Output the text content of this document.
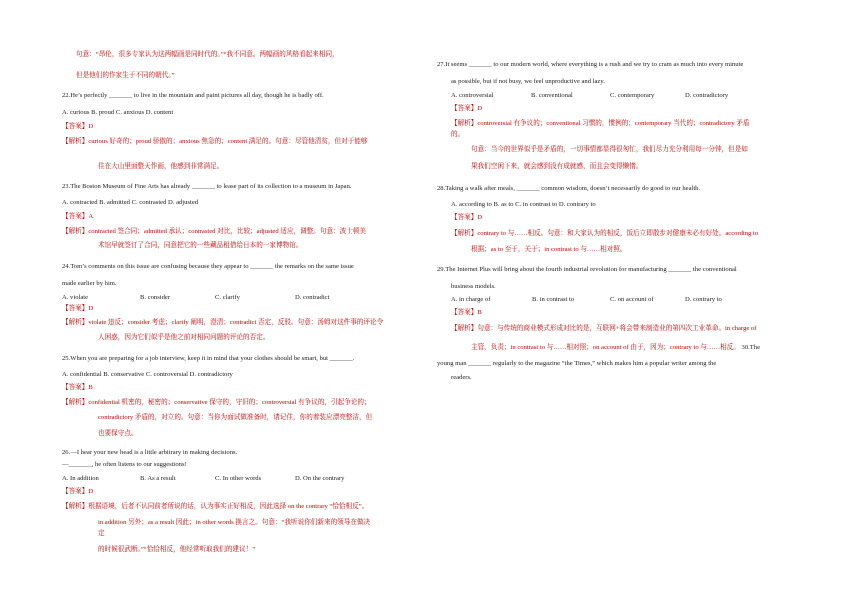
句意：“昂伦，很多专家认为这两幅画是同时代的。”“我不同意。两幅画的风格看起来相同，
但是他们的作家生于不同的朝代。”
22.He’s perfectly _______ to live in the mountain and paint pictures all day, though he is badly off.
A. curious B. proud C. anxious D. content
【答案】D
【解析】curious 好奇的；proud 骄傲的；anxious 焦急的；content 满足的。句意：尽管他清贫，但对于能够
住在大山里面整天作画，他感到非常满足。
23.The Boston Museum of Fine Arts has already _______ to lease part of its collection to a museum in Japan.
A. contracted B. admitted C. contrasted D. adjusted
【答案】A
【解析】contracted 签合同；admitted 承认；contrasted 对比，比较；adjusted 适应，调整。句意：波士顿美
术馆早就签订了合同，同意把它的一些藏品租借给日本的一家博物馆。
24.Tom’s comments on this issue are confusing because they appear to _______ the remarks on the same issue
made earlier by him.
A. violate	B. consider	C. clarify	D. contradict
【答案】D
【解析】violate 违反；consider 考虑；clarify 阐明，澄清；contradict 否定，反驳。句意：汤姆对这件事的评论令
人困惑，因为它们似乎是他之前对相同问题的评论的否定。
25.When you are preparing for a job interview, keep it in mind that your clothes should be smart, but _______.
A. confidential B. conservative C. controversial D. contradictory
【答案】B
【解析】confidential 机密的，秘密的；conservative 保守的，守旧的；controversial 有争议的，引起争论的；
contradictory 矛盾的，对立的。句意：当你为面试做准备时，请记住，你的着装应漂亮整洁，但
也要保守点。
26.—I hear your new head is a little arbitrary in making decisions.
—_______, he often listens to our suggestions!
A. In addition	B. As a result	C. In other words	D. On the contrary
【答案】D
【解析】根据语境，后者不认同前者所说的话，认为事实正好相反，因此选择 on the contrary “恰恰相反”。
in addition 另外；as a result 因此；in other words 换言之。句意：“我听说你们新来的领导在做决
定
的时候很武断。”“恰恰相反，他经常听取我们的建议！”
27.It seems _______ to our modern world, where everything is a rush and we try to cram as much into every minute
as possible, but if not busy, we feel unproductive and lazy.
A. controversial	B. conventional	C. contemporary	D. contradictory
【答案】D
【解析】controversial 有争议的；conventional 习惯的，惯例的；contemporary 当代的；contradictory 矛盾
的。
句意：当今的世界似乎是矛盾的，一切事情都显得很匆忙，我们尽力充分利用每一分钟，但是如
果我们空闲下来，就会感到没有成就感，而且会变得懒惰。
28.Taking a walk after meals, _______ common wisdom, doesn’t necessarily do good to our health.
A. according to B. as to C. in contrast to D. contrary to
【答案】D
【解析】contrary to 与……相反。句意：和大家认为的相反，饭后立即散步对健康未必有好处。according to
根据；as to 至于，关于；in contrast to 与……相对照。
29.The Internet Plus will bring about the fourth industrial revolution for manufacturing _______ the conventional
business models.
A. in charge of	B. in contrast to	C. on account of	D. contrary to
【答案】B
【解析】句意：与传统的商业模式形成对比的是，互联网+将会带来制造业的第四次工业革命。in charge of
主管，负责；in contrast to 与……相对照；on account of 由于，因为；contrary to 与……相反。 30.The
young man _______ regularly to the magazine “the Times,” which makes him a popular writer among the
readers.
